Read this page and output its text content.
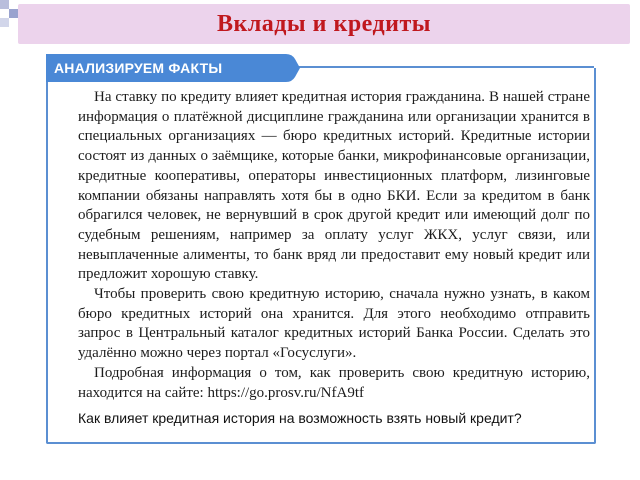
Вклады и кредиты
АНАЛИЗИРУЕМ ФАКТЫ

На ставку по кредиту влияет кредитная история гражданина. В нашей стране информация о платёжной дисциплине гражданина или организации хранится в специальных организациях — бюро кредитных историй. Кредитные истории состоят из данных о заёмщике, которые банки, микрофинансовые организации, кредитные кооперативы, операторы инвестиционных платформ, лизинговые компании обязаны направлять хотя бы в одно БКИ. Если за кредитом в банк обрагился человек, не вернувший в срок другой кредит или имеющий долг по судебным решениям, например за оплату услуг ЖКХ, услуг связи, или невыплаченные алименты, то банк вряд ли предоставит ему новый кредит или предложит хорошую ставку.

Чтобы проверить свою кредитную историю, сначала нужно узнать, в каком бюро кредитных историй она хранится. Для этого необходимо отправить запрос в Центральный каталог кредитных историй Банка России. Сделать это удалённо можно через портал «Госуслуги».

Подробная информация о том, как проверить свою кредитную историю, находится на сайте: https://go.prosv.ru/NfA9tf

Как влияет кредитная история на возможность взять новый кредит?
